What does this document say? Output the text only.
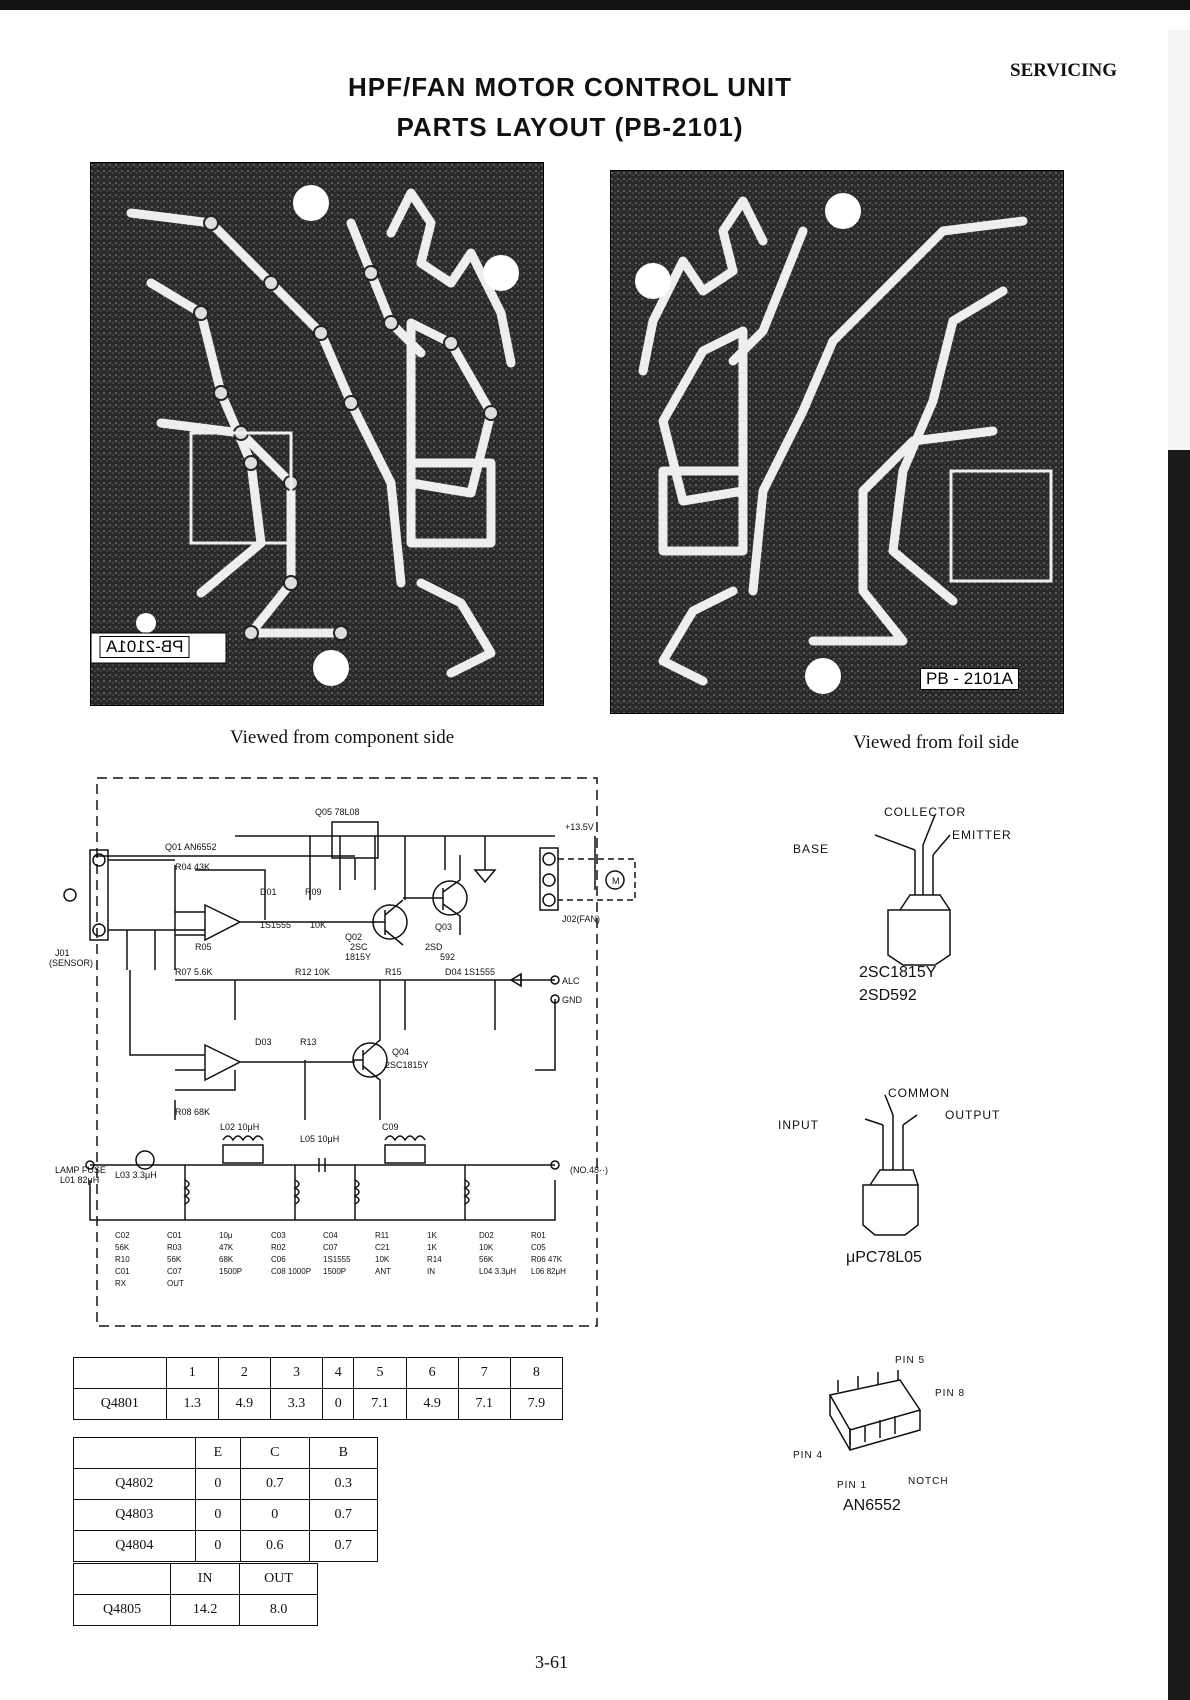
SERVICING
HPF/FAN MOTOR CONTROL UNIT
PARTS LAYOUT (PB-2101)
PB-2101A
PB - 2101A
Viewed from component side	Viewed from foil side
Q05 78L08
+13.5V
Q01 AN6552
R04 43K
D01	R09
1S1555 10K
R05
J01
(SENSOR)
Q02
2SC
1815Y
Q03
2SD
592
J02(FAN)
M
R07 5.6K	R12 10K	R15	D04 1S1555
ALC
GND
D03	R13
Q04
2SC1815Y
R08 68K
L02 10μH
L05 10μH
C09
LAMP FUSE
L01 82μH L03 3.3μH	(NO.48··)
C02	C01	10μ	C03	C04	R11	1K	D02	R01
56K	R03	47K	R02	C07	C21	1K	10K	C05
R10	56K	68K	C06	1S1555	10K	R14	56K	R06 47K
C01	C07	1500P	C08 1000P 1500P	ANT	IN	L04 3.3μH L06 82μH
RX	OUT
	1	2	3	4	5	6	7	8
Q4801	1.3	4.9	3.3	0	7.1	4.9	7.1	7.9
	E	C	B
Q4802	0	0.7	0.3
Q4803	0	0	0.7
Q4804	0	0.6	0.7
	IN	OUT
Q4805	14.2	8.0
COLLECTOR
BASE
EMITTER
2SC1815Y
2SD592
COMMON
INPUT
OUTPUT
μPC78L05
PIN 5
PIN 8
PIN 4
PIN 1	NOTCH
AN6552
3-61
